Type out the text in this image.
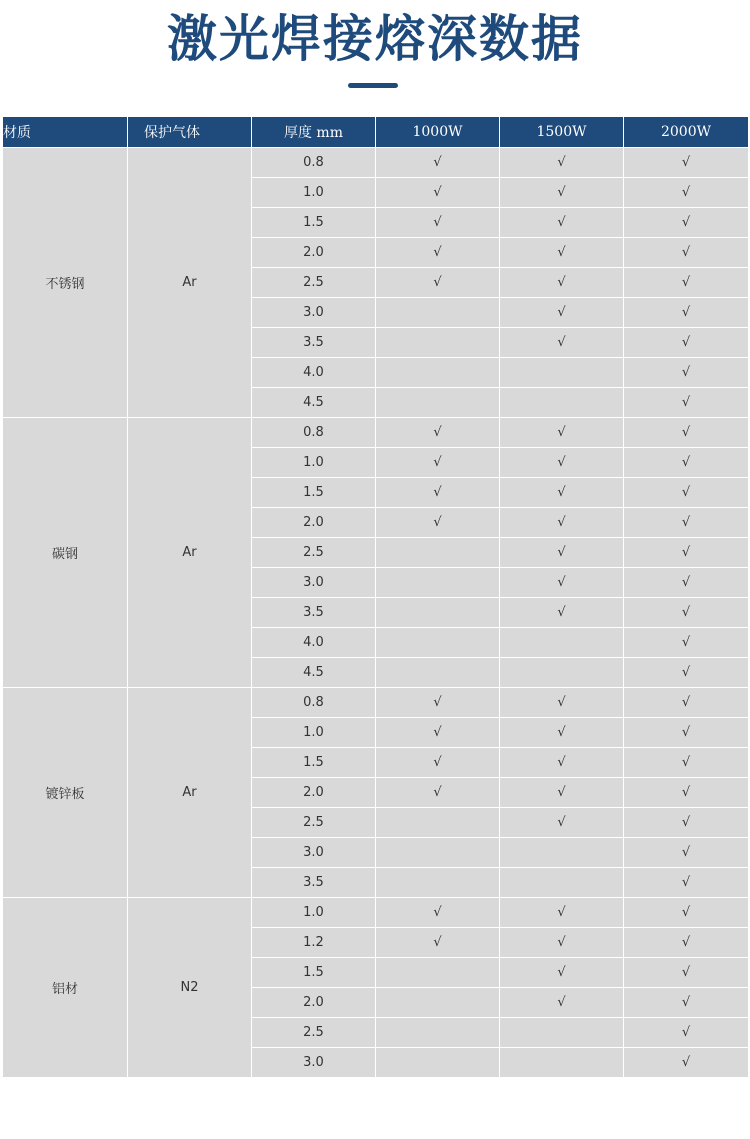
激光焊接熔深数据
材质	保护气体	厚度 mm	1000W	1500W	2000W
不锈钢	Ar	0.8	√	√	√
		1.0	√	√	√
		1.5	√	√	√
		2.0	√	√	√
		2.5	√	√	√
		3.0		√	√
		3.5		√	√
		4.0			√
		4.5			√
碳钢	Ar	0.8	√	√	√
		1.0	√	√	√
		1.5	√	√	√
		2.0	√	√	√
		2.5		√	√
		3.0		√	√
		3.5		√	√
		4.0			√
		4.5			√
镀锌板	Ar	0.8	√	√	√
		1.0	√	√	√
		1.5	√	√	√
		2.0	√	√	√
		2.5		√	√
		3.0			√
		3.5			√
铝材	N2	1.0	√	√	√
		1.2	√	√	√
		1.5		√	√
		2.0		√	√
		2.5			√
		3.0			√
